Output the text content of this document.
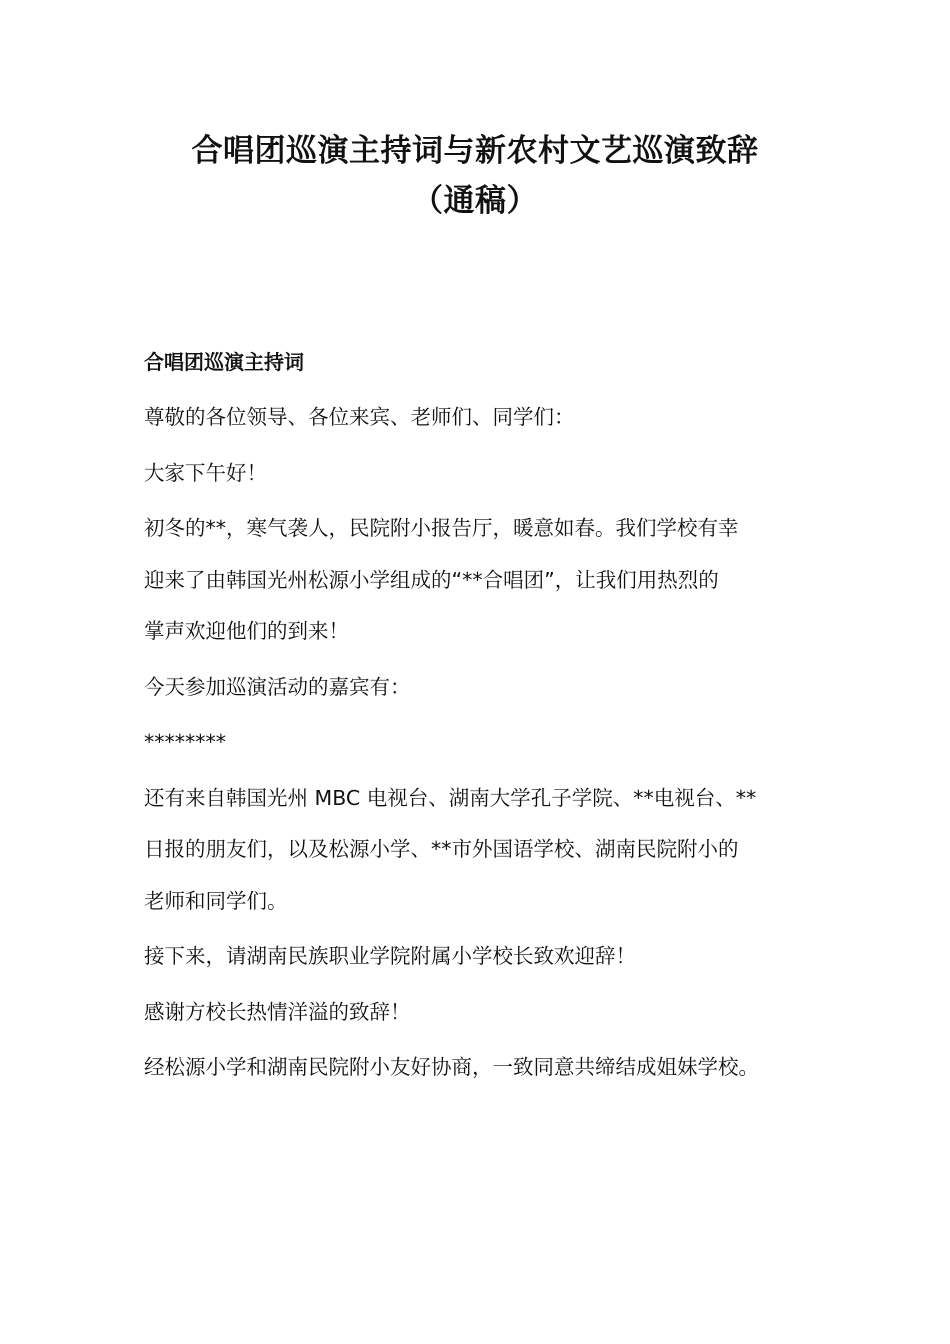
合唱团巡演主持词与新农村文艺巡演致辞
（通稿）
合唱团巡演主持词
尊敬的各位领导、各位来宾、老师们、同学们：
大家下午好！
初冬的**，寒气袭人，民院附小报告厅，暖意如春。我们学校有幸
迎来了由韩国光州松源小学组成的“**合唱团”，让我们用热烈的
掌声欢迎他们的到来！
今天参加巡演活动的嘉宾有：
********
还有来自韩国光州 MBC 电视台、湖南大学孔子学院、**电视台、**
日报的朋友们，以及松源小学、**市外国语学校、湖南民院附小的
老师和同学们。
接下来，请湖南民族职业学院附属小学校长致欢迎辞！
感谢方校长热情洋溢的致辞！
经松源小学和湖南民院附小友好协商，一致同意共缔结成姐妹学校。
